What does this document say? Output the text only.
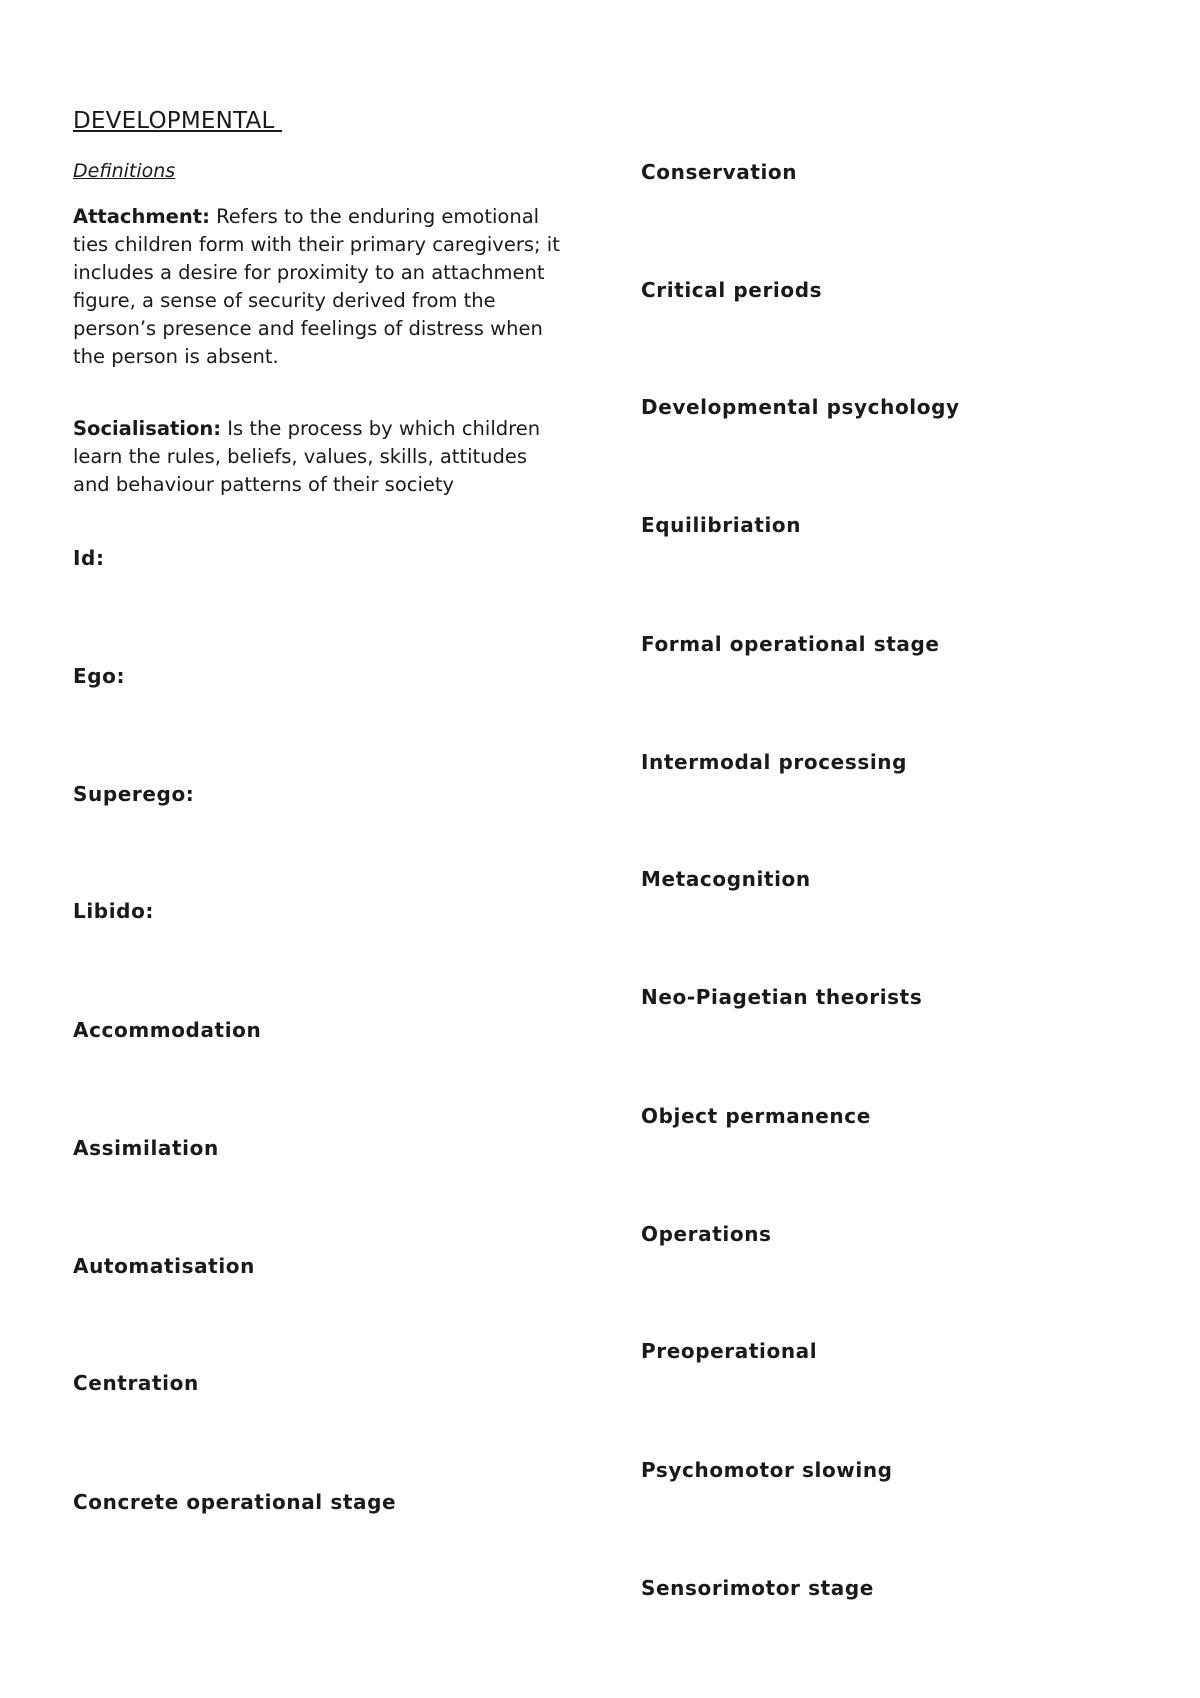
DEVELOPMENTAL
Definitions
Attachment: Refers to the enduring emotional ties children form with their primary caregivers; it includes a desire for proximity to an attachment figure, a sense of security derived from the person’s presence and feelings of distress when the person is absent.
Socialisation: Is the process by which children learn the rules, beliefs, values, skills, attitudes and behaviour patterns of their society
Id:
Ego:
Superego:
Libido:
Accommodation
Assimilation
Automatisation
Centration
Concrete operational stage
Conservation
Critical periods
Developmental psychology
Equilibriation
Formal operational stage
Intermodal processing
Metacognition
Neo-Piagetian theorists
Object permanence
Operations
Preoperational
Psychomotor slowing
Sensorimotor stage
